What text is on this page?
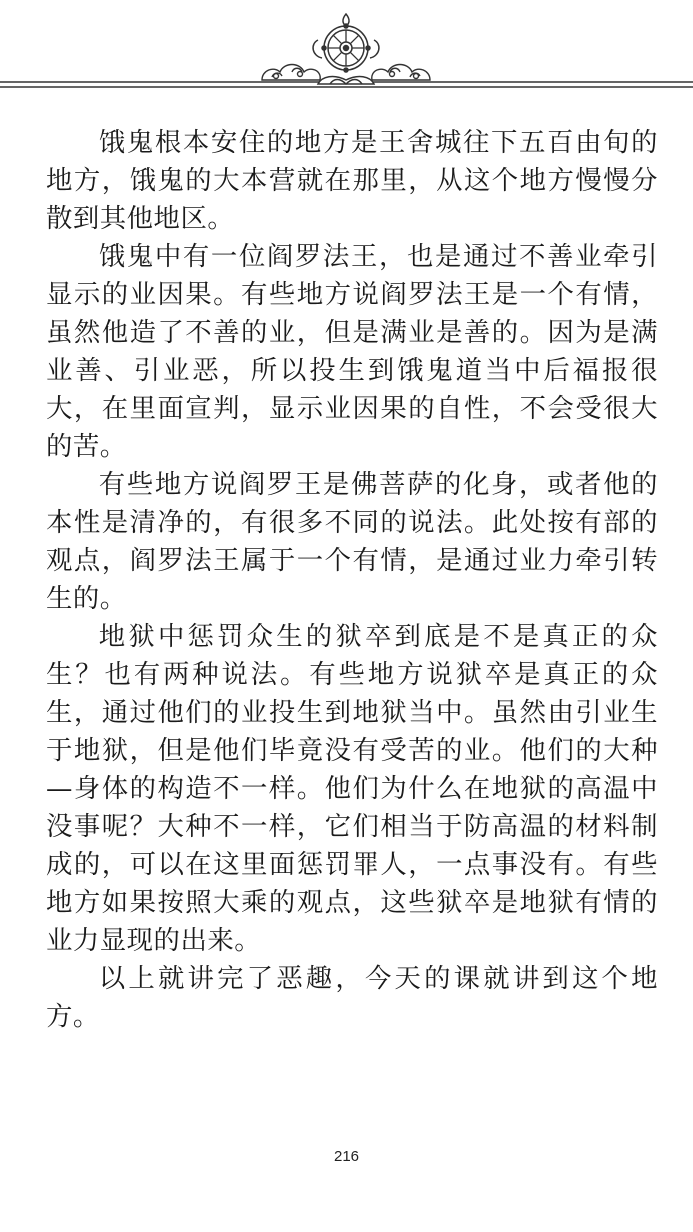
饿鬼根本安住的地方是王舍城往下五百由旬的地方，饿鬼的大本营就在那里，从这个地方慢慢分散到其他地区。

饿鬼中有一位阎罗法王，也是通过不善业牵引显示的业因果。有些地方说阎罗法王是一个有情，虽然他造了不善的业，但是满业是善的。因为是满业善、引业恶，所以投生到饿鬼道当中后福报很大，在里面宣判，显示业因果的自性，不会受很大的苦。

有些地方说阎罗王是佛菩萨的化身，或者他的本性是清净的，有很多不同的说法。此处按有部的观点，阎罗法王属于一个有情，是通过业力牵引转生的。

地狱中惩罚众生的狱卒到底是不是真正的众生？也有两种说法。有些地方说狱卒是真正的众生，通过他们的业投生到地狱当中。虽然由引业生于地狱，但是他们毕竟没有受苦的业。他们的大种—身体的构造不一样。他们为什么在地狱的高温中没事呢？大种不一样，它们相当于防高温的材料制成的，可以在这里面惩罚罪人，一点事没有。有些地方如果按照大乘的观点，这些狱卒是地狱有情的业力显现的出来。

以上就讲完了恶趣，今天的课就讲到这个地方。

216
